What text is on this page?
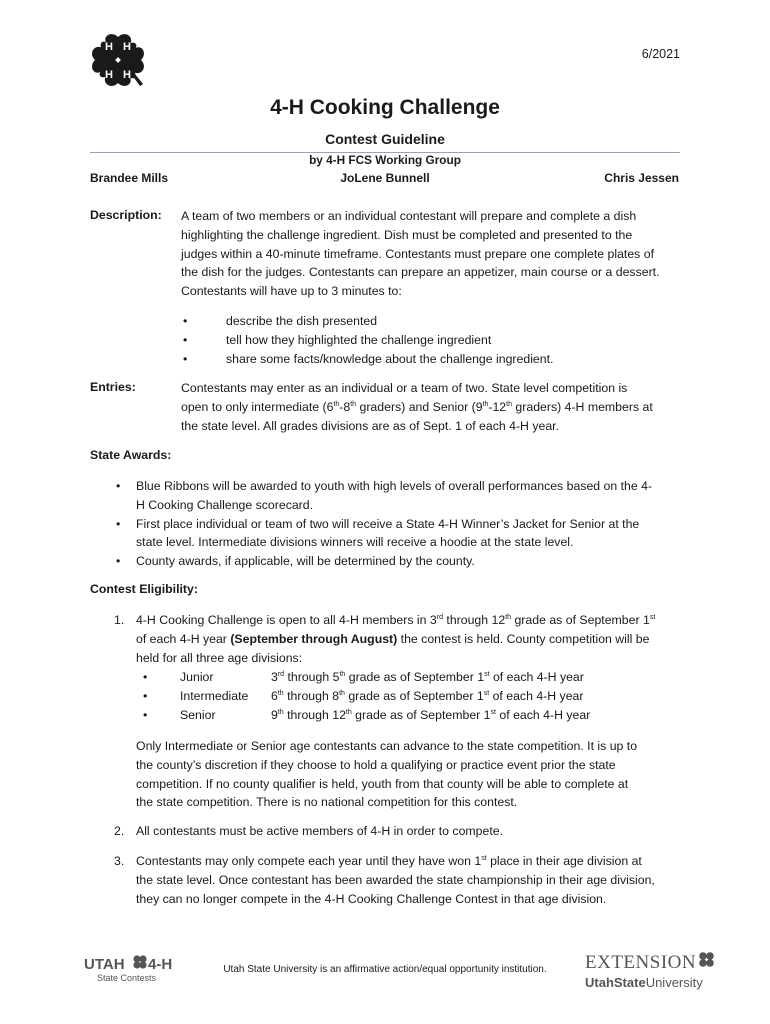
H H
H H
6/2021
4-H Cooking Challenge
Contest Guideline
by 4-H FCS Working Group
Brandee Mills	JoLene Bunnell	Chris Jessen
Description: A team of two members or an individual contestant will prepare and complete a dish
highlighting the challenge ingredient. Dish must be completed and presented to the
judges within a 40-minute timeframe. Contestants must prepare one complete plates of
the dish for the judges. Contestants can prepare an appetizer, main course or a dessert.
Contestants will have up to 3 minutes to:
•	describe the dish presented
•	tell how they highlighted the challenge ingredient
•	share some facts/knowledge about the challenge ingredient.
Entries:	Contestants may enter as an individual or a team of two. State level competition is
open to only intermediate (6th-8th graders) and Senior (9th-12th graders) 4-H members at
the state level. All grades divisions are as of Sept. 1 of each 4-H year.
State Awards:
• Blue Ribbons will be awarded to youth with high levels of overall performances based on the 4-
H Cooking Challenge scorecard.
• First place individual or team of two will receive a State 4-H Winner’s Jacket for Senior at the
state level. Intermediate divisions winners will receive a hoodie at the state level.
• County awards, if applicable, will be determined by the county.
Contest Eligibility:
1. 4-H Cooking Challenge is open to all 4-H members in 3rd through 12th grade as of September 1st
of each 4-H year (September through August) the contest is held. County competition will be
held for all three age divisions:
•	Junior	3rd through 5th grade as of September 1st of each 4-H year

•	Intermediate 6th through 8th grade as of September 1st of each 4-H year

•	Senior	9th through 12th grade as of September 1st of each 4-H year

Only Intermediate or Senior age contestants can advance to the state competition. It is up to
the county’s discretion if they choose to hold a qualifying or practice event prior the state
competition. If no county qualifier is held, youth from that county will be able to complete at
the state competition. There is no national competition for this contest.
2. All contestants must be active members of 4-H in order to compete.
3. Contestants may only compete each year until they have won 1st place in their age division at
the state level. Once contestant has been awarded the state championship in their age division,
they can no longer compete in the 4-H Cooking Challenge Contest in that age division.
UTAH 4-H
State Contests
Utah State University is an affirmative action/equal opportunity institution.	EXTENSION
UtahStateUniversity
